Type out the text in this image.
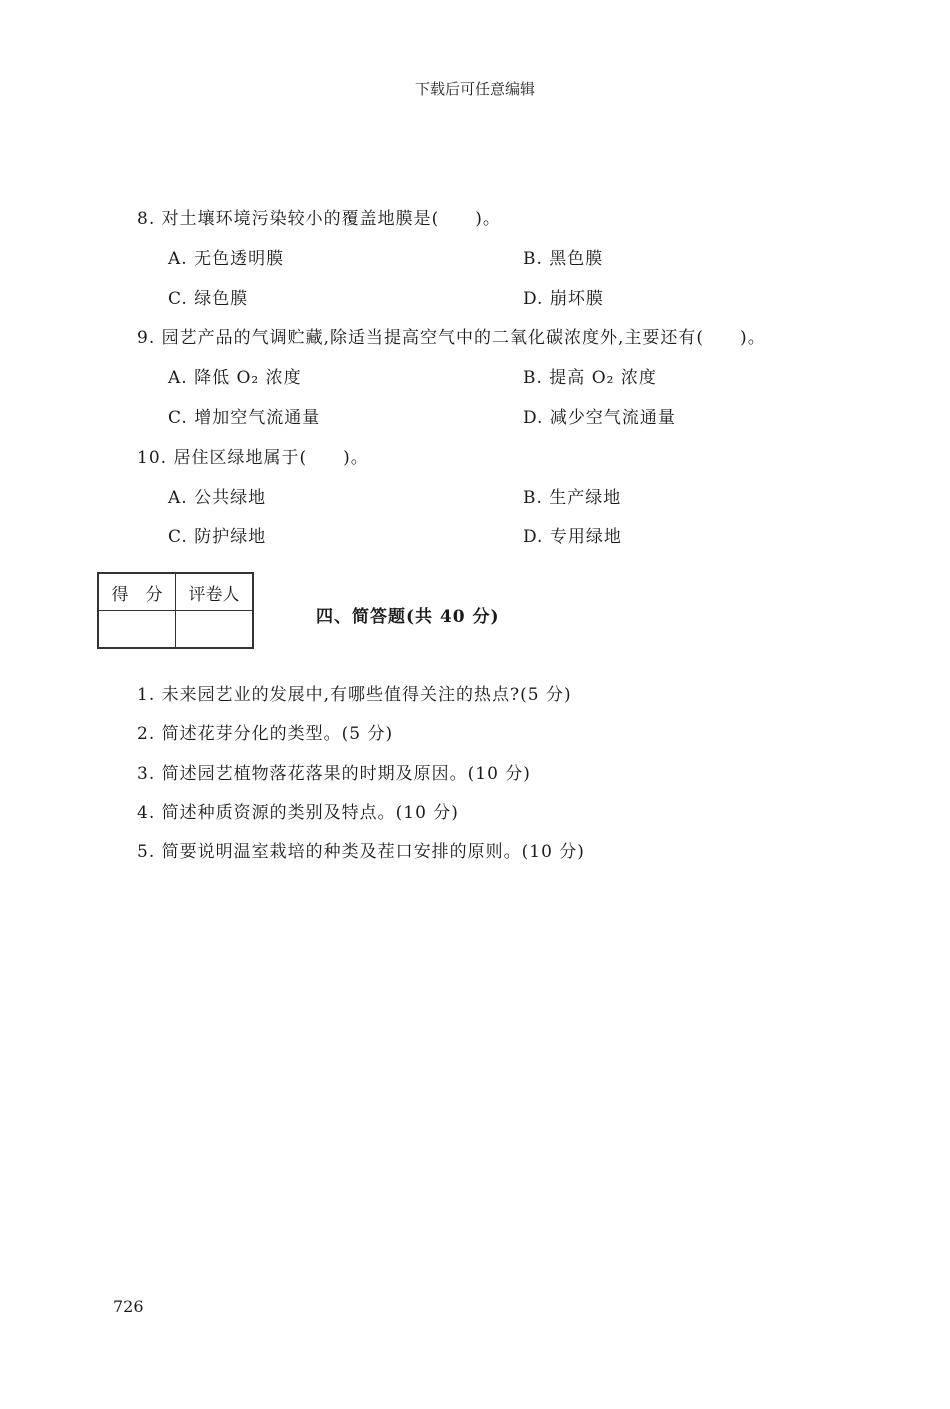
下载后可任意编辑
8. 对土壤环境污染较小的覆盖地膜是(　　)。
A. 无色透明膜	B. 黑色膜
C. 绿色膜	D. 崩坏膜
9. 园艺产品的气调贮藏,除适当提高空气中的二氧化碳浓度外,主要还有(　　)。
A. 降低 O₂ 浓度	B. 提高 O₂ 浓度
C. 增加空气流通量	D. 减少空气流通量
10. 居住区绿地属于(　　)。
A. 公共绿地	B. 生产绿地
C. 防护绿地	D. 专用绿地
得　分	评卷人

四、简答题(共 40 分)
1. 未来园艺业的发展中,有哪些值得关注的热点?(5 分)
2. 简述花芽分化的类型。(5 分)
3. 简述园艺植物落花落果的时期及原因。(10 分)
4. 简述种质资源的类别及特点。(10 分)
5. 简要说明温室栽培的种类及茬口安排的原则。(10 分)
726
